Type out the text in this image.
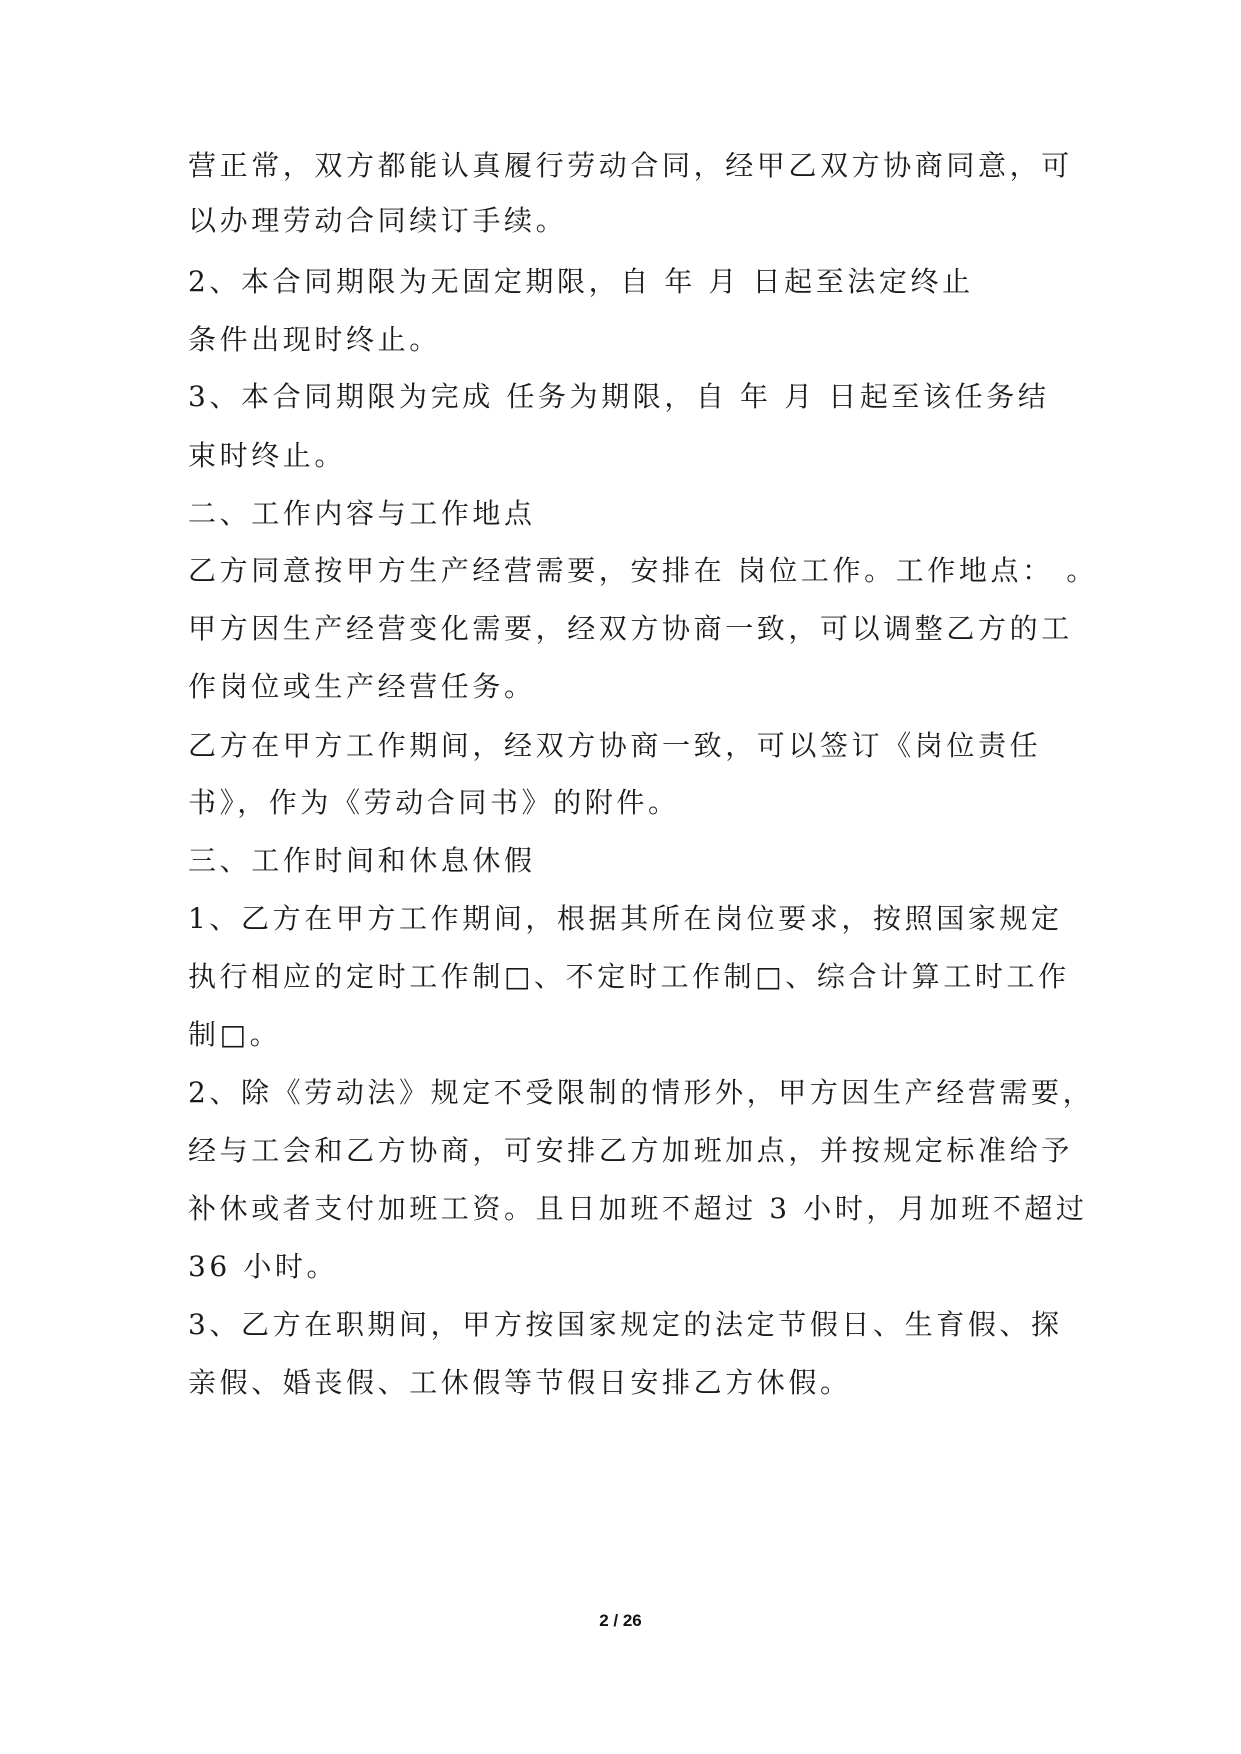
营正常，双方都能认真履行劳动合同，经甲乙双方协商同意，可
以办理劳动合同续订手续。
2、本合同期限为无固定期限，自 年 月 日起至法定终止
条件出现时终止。
3、本合同期限为完成 任务为期限，自 年 月 日起至该任务结
束时终止。
二、工作内容与工作地点
乙方同意按甲方生产经营需要，安排在 岗位工作。工作地点： 。
甲方因生产经营变化需要，经双方协商一致，可以调整乙方的工
作岗位或生产经营任务。
乙方在甲方工作期间，经双方协商一致，可以签订《岗位责任
书》，作为《劳动合同书》的附件。
三、工作时间和休息休假
1、乙方在甲方工作期间，根据其所在岗位要求，按照国家规定
执行相应的定时工作制□、不定时工作制□、综合计算工时工作
制□。
2、除《劳动法》规定不受限制的情形外，甲方因生产经营需要，
经与工会和乙方协商，可安排乙方加班加点，并按规定标准给予
补休或者支付加班工资。且日加班不超过 3 小时，月加班不超过
36 小时。
3、乙方在职期间，甲方按国家规定的法定节假日、生育假、探
亲假、婚丧假、工休假等节假日安排乙方休假。
2 / 26
